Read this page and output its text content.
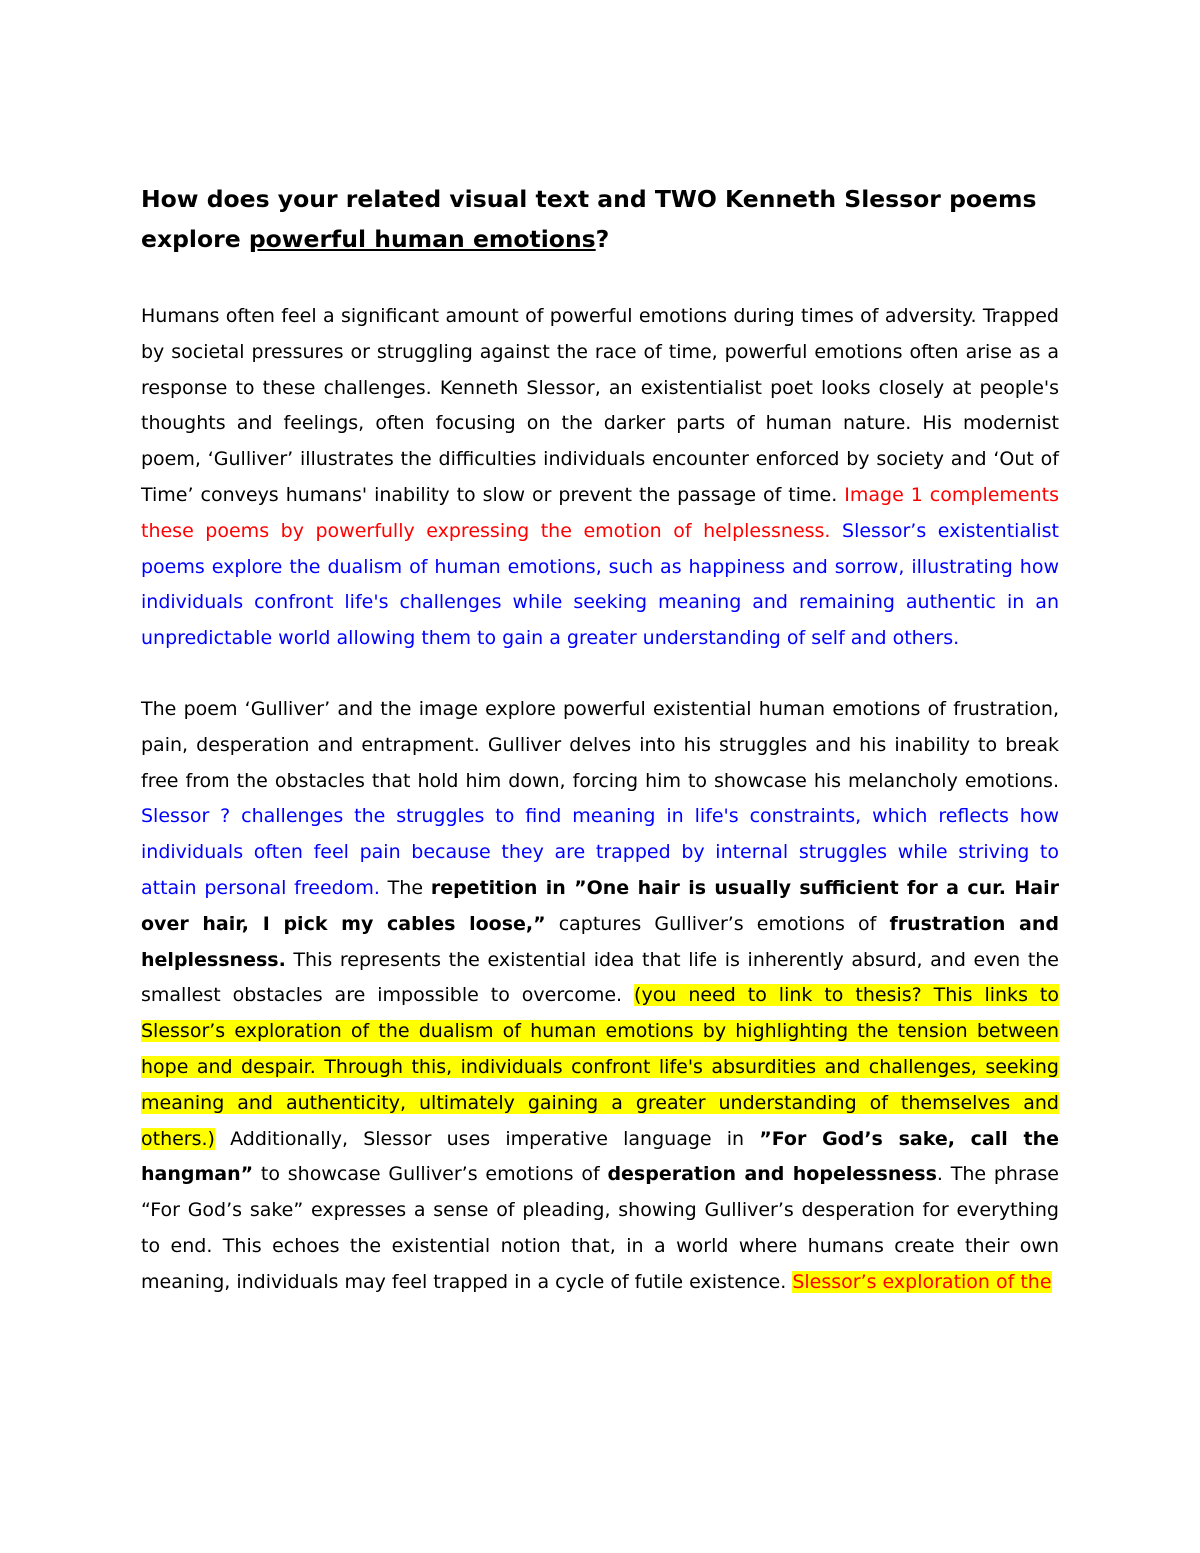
How does your related visual text and TWO Kenneth Slessor poems explore powerful human emotions?

Humans often feel a significant amount of powerful emotions during times of adversity. Trapped by societal pressures or struggling against the race of time, powerful emotions often arise as a response to these challenges. Kenneth Slessor, an existentialist poet looks closely at people's thoughts and feelings, often focusing on the darker parts of human nature. His modernist poem, ‘Gulliver’ illustrates the difficulties individuals encounter enforced by society and ‘Out of Time’ conveys humans' inability to slow or prevent the passage of time. Image 1 complements these poems by powerfully expressing the emotion of helplessness. Slessor’s existentialist poems explore the dualism of human emotions, such as happiness and sorrow, illustrating how individuals confront life's challenges while seeking meaning and remaining authentic in an unpredictable world allowing them to gain a greater understanding of self and others.

The poem ‘Gulliver’ and the image explore powerful existential human emotions of frustration, pain, desperation and entrapment. Gulliver delves into his struggles and his inability to break free from the obstacles that hold him down, forcing him to showcase his melancholy emotions. Slessor ? challenges the struggles to find meaning in life's constraints, which reflects how individuals often feel pain because they are trapped by internal struggles while striving to attain personal freedom. The repetition in ”One hair is usually sufficient for a cur. Hair over hair, I pick my cables loose,” captures Gulliver’s emotions of frustration and helplessness. This represents the existential idea that life is inherently absurd, and even the smallest obstacles are impossible to overcome. (you need to link to thesis? This links to Slessor’s exploration of the dualism of human emotions by highlighting the tension between hope and despair. Through this, individuals confront life's absurdities and challenges, seeking meaning and authenticity, ultimately gaining a greater understanding of themselves and others.) Additionally, Slessor uses imperative language in ”For God’s sake, call the hangman” to showcase Gulliver’s emotions of desperation and hopelessness. The phrase “For God’s sake” expresses a sense of pleading, showing Gulliver’s desperation for everything to end. This echoes the existential notion that, in a world where humans create their own meaning, individuals may feel trapped in a cycle of futile existence. Slessor’s exploration of the
